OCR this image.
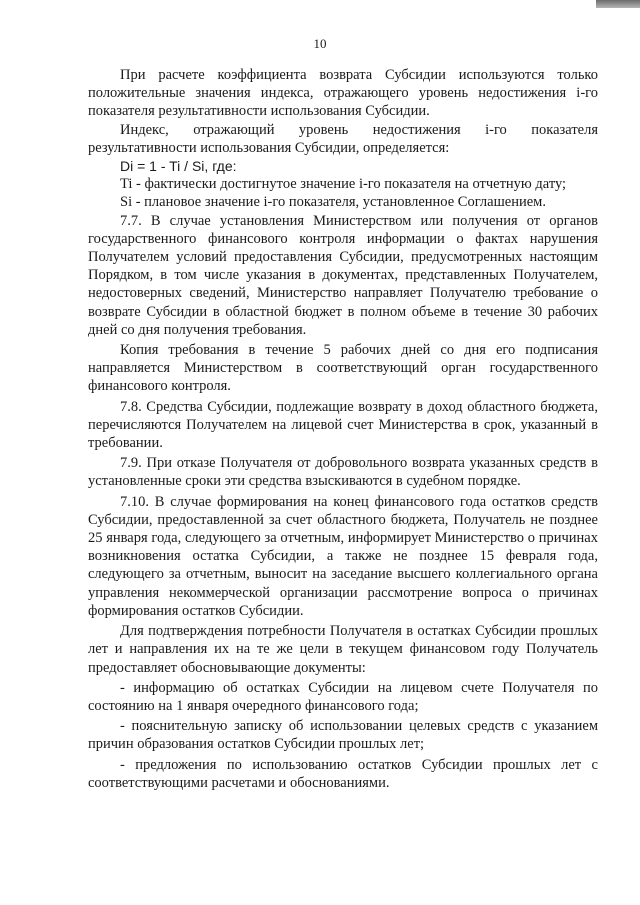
10

При расчете коэффициента возврата Субсидии используются только положительные значения индекса, отражающего уровень недостижения i-го показателя результативности использования Субсидии.

Индекс, отражающий уровень недостижения i-го показателя результативности использования Субсидии, определяется:

Di = 1 - Ti / Si, где:

Ti - фактически достигнутое значение i-го показателя на отчетную дату;

Si - плановое значение i-го показателя, установленное Соглашением.

7.7. В случае установления Министерством или получения от органов государственного финансового контроля информации о фактах нарушения Получателем условий предоставления Субсидии, предусмотренных настоящим Порядком, в том числе указания в документах, представленных Получателем, недостоверных сведений, Министерство направляет Получателю требование о возврате Субсидии в областной бюджет в полном объеме в течение 30 рабочих дней со дня получения требования.

Копия требования в течение 5 рабочих дней со дня его подписания направляется Министерством в соответствующий орган государственного финансового контроля.

7.8. Средства Субсидии, подлежащие возврату в доход областного бюджета, перечисляются Получателем на лицевой счет Министерства в срок, указанный в требовании.

7.9. При отказе Получателя от добровольного возврата указанных средств в установленные сроки эти средства взыскиваются в судебном порядке.

7.10. В случае формирования на конец финансового года остатков средств Субсидии, предоставленной за счет областного бюджета, Получатель не позднее 25 января года, следующего за отчетным, информирует Министерство о причинах возникновения остатка Субсидии, а также не позднее 15 февраля года, следующего за отчетным, выносит на заседание высшего коллегиального органа управления некоммерческой организации рассмотрение вопроса о причинах формирования остатков Субсидии.

Для подтверждения потребности Получателя в остатках Субсидии прошлых лет и направления их на те же цели в текущем финансовом году Получатель предоставляет обосновывающие документы:

- информацию об остатках Субсидии на лицевом счете Получателя по состоянию на 1 января очередного финансового года;

- пояснительную записку об использовании целевых средств с указанием причин образования остатков Субсидии прошлых лет;

- предложения по использованию остатков Субсидии прошлых лет с соответствующими расчетами и обоснованиями.
